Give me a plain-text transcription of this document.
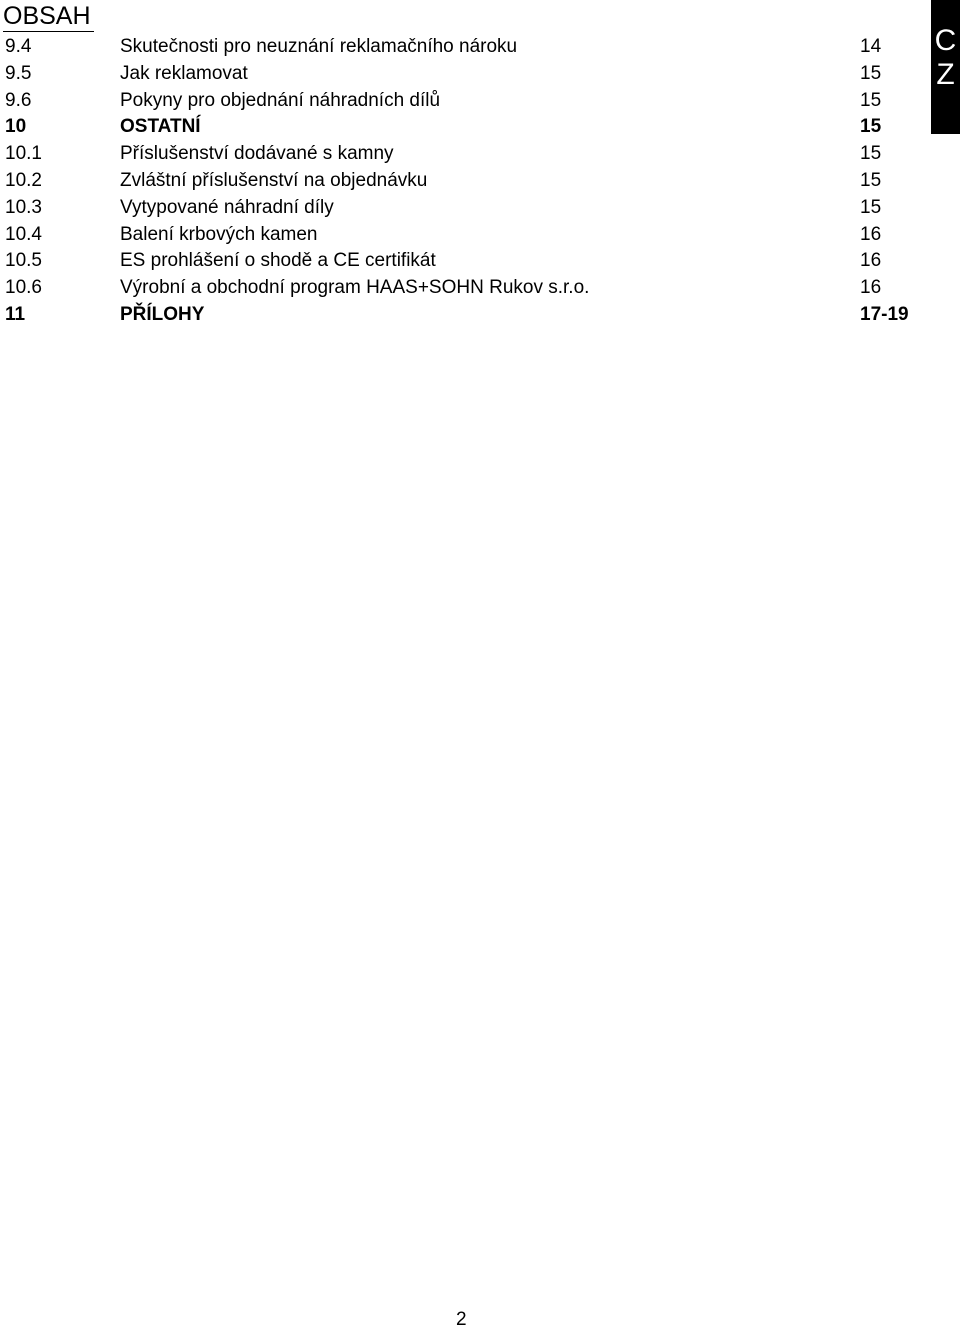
OBSAH
9.4	Skutečnosti pro neuznání reklamačního nároku	14
9.5	Jak reklamovat	15
9.6	Pokyny pro objednání náhradních dílů	15
10	OSTATNÍ	15
10.1	Příslušenství dodávané s kamny	15
10.2	Zvláštní příslušenství na objednávku	15
10.3	Vytypované náhradní díly	15
10.4	Balení krbových kamen	16
10.5	ES prohlášení o shodě a CE certifikát	16
10.6	Výrobní a obchodní program HAAS+SOHN Rukov s.r.o.	16
11	PŘÍLOHY	17-19
C
Z
2
